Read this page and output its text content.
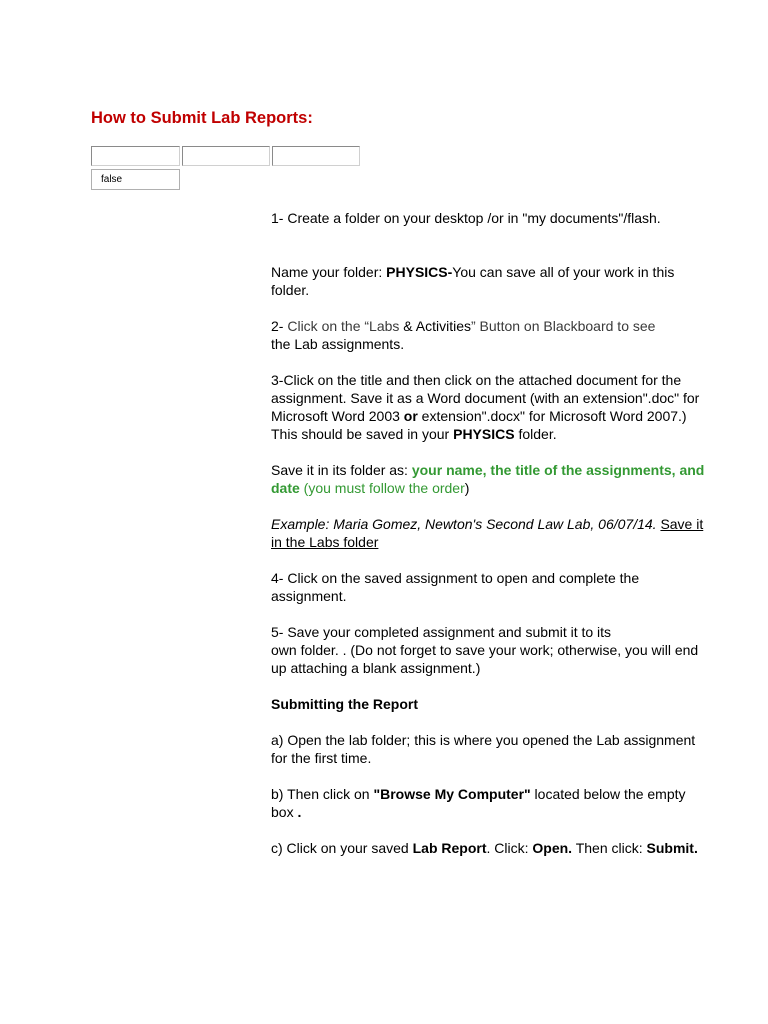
How to Submit Lab Reports:
false

1- Create a folder on your desktop /or in "my documents"/flash.

Name your folder: PHYSICS-You can save all of your work in this folder.

2- Click on the “Labs & Activities” Button on Blackboard to see
the Lab assignments.

3-Click on the title and then click on the attached document for the assignment. Save it as a Word document (with an extension".doc" for Microsoft Word 2003 or extension".docx" for Microsoft Word 2007.) This should be saved in your PHYSICS folder.

Save it in its folder as: your name, the title of the assignments, and date (you must follow the order)

Example: Maria Gomez, Newton's Second Law Lab, 06/07/14. Save it in the Labs folder

4- Click on the saved assignment to open and complete the assignment.

5- Save your completed assignment and submit it to its
own folder. . (Do not forget to save your work; otherwise, you will end up attaching a blank assignment.)

Submitting the Report

a) Open the lab folder; this is where you opened the Lab assignment for the first time.

b) Then click on "Browse My Computer" located below the empty box .

c) Click on your saved Lab Report. Click: Open. Then click: Submit.
